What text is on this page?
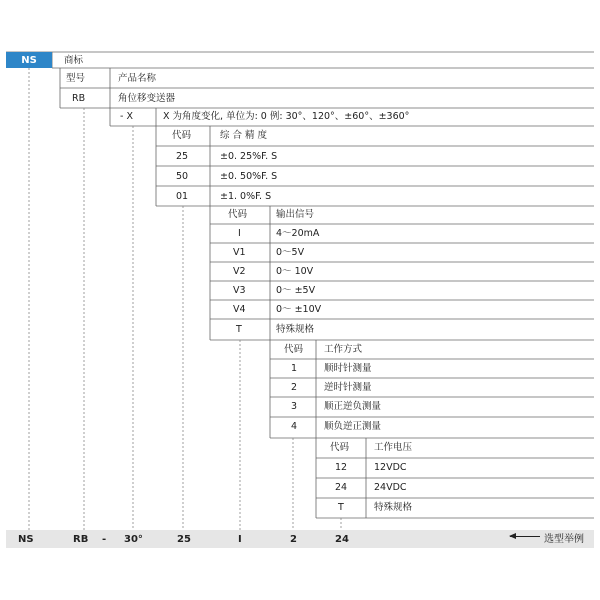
NS	商标
型号	产品名称
RB	角位移变送器
- X	X 为角度变化, 单位为: 0 例: 30°、120°、±60°、±360°
代码	综 合 精 度
25	±0. 25%F. S
50	±0. 50%F. S
01	±1. 0%F. S
代码	输出信号
I	4～20mA
V1	0～5V
V2	0～ 10V
V3	0～ ±5V
V4	0～ ±10V
T	特殊规格
代码 工作方式
1	顺时针测量
2	逆时针测量
3	顺正逆负测量
4	顺负逆正测量
代码	工作电压
12	12VDC
24	24VDC
T	特殊规格
NS	RB - 30°	25	I	2	24	选型举例
